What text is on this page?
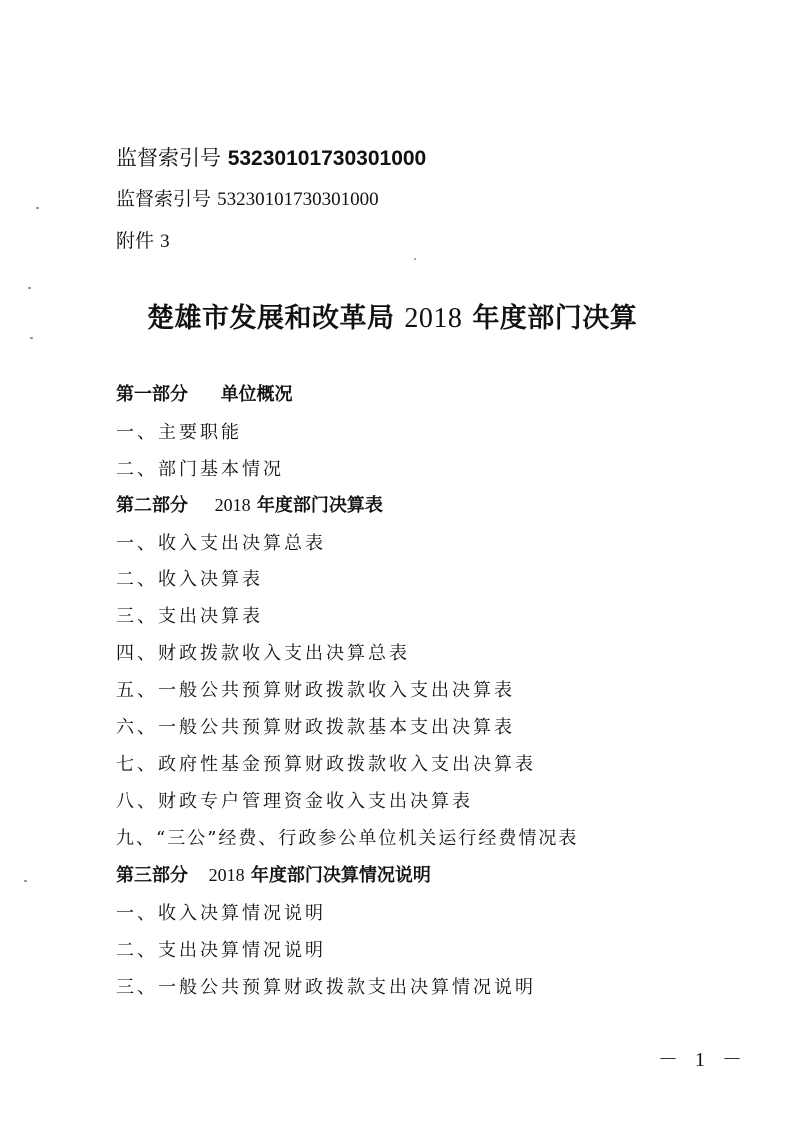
监督索引号 53230101730301000
监督索引号 53230101730301000
附件 3
楚雄市发展和改革局 2018 年度部门决算
第一部分 单位概况
一、主要职能
二、部门基本情况
第二部分 2018 年度部门决算表
一、收入支出决算总表
二、收入决算表
三、支出决算表
四、财政拨款收入支出决算总表
五、一般公共预算财政拨款收入支出决算表
六、一般公共预算财政拨款基本支出决算表
七、政府性基金预算财政拨款收入支出决算表
八、财政专户管理资金收入支出决算表
九、“三公”经费、行政参公单位机关运行经费情况表
第三部分 2018 年度部门决算情况说明
一、收入决算情况说明
二、支出决算情况说明
三、一般公共预算财政拨款支出决算情况说明
－ 1 －
